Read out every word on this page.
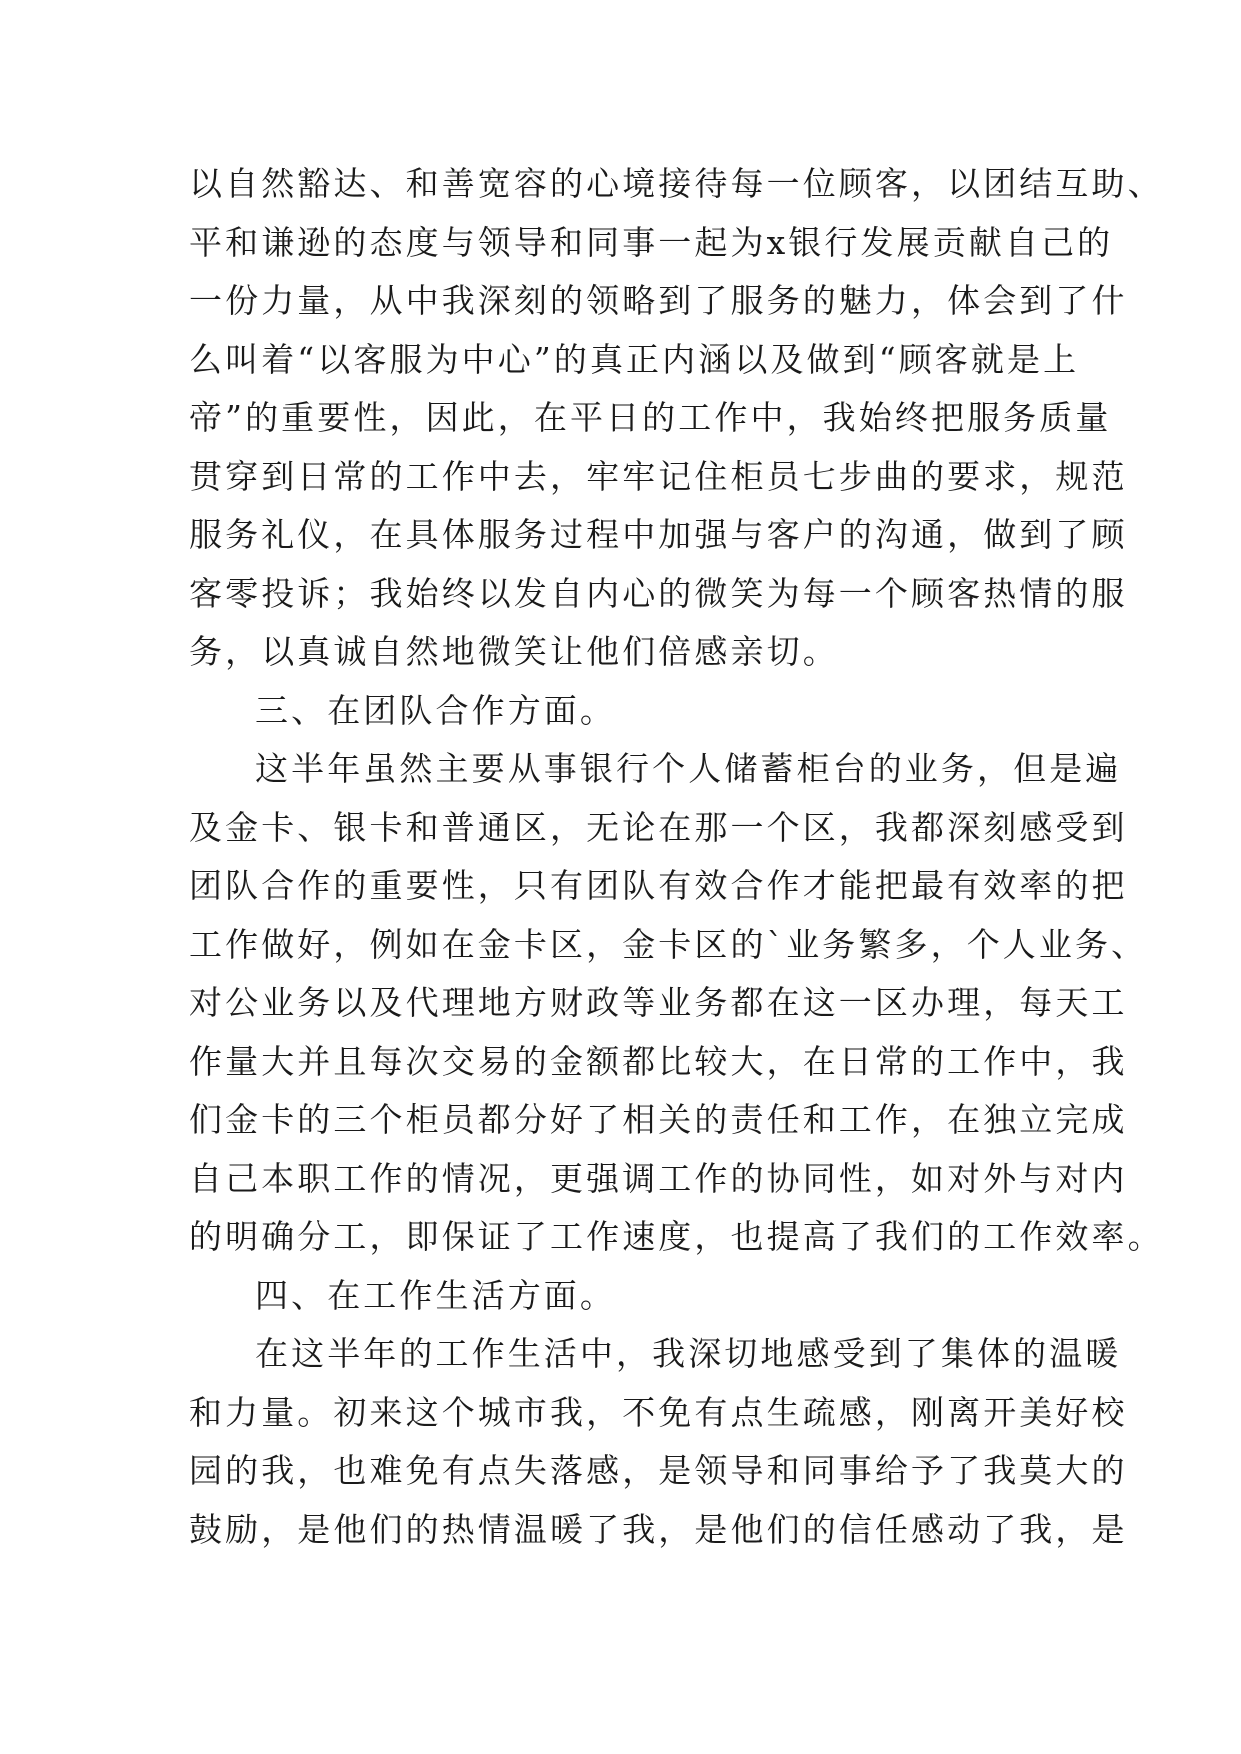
以自然豁达、和善宽容的心境接待每一位顾客，以团结互助、
平和谦逊的态度与领导和同事一起为x银行发展贡献自己的
一份力量，从中我深刻的领略到了服务的魅力，体会到了什
么叫着“以客服为中心”的真正内涵以及做到“顾客就是上
帝”的重要性，因此，在平日的工作中，我始终把服务质量
贯穿到日常的工作中去，牢牢记住柜员七步曲的要求，规范
服务礼仪，在具体服务过程中加强与客户的沟通，做到了顾
客零投诉；我始终以发自内心的微笑为每一个顾客热情的服
务，以真诚自然地微笑让他们倍感亲切。
三、在团队合作方面。
这半年虽然主要从事银行个人储蓄柜台的业务，但是遍
及金卡、银卡和普通区，无论在那一个区，我都深刻感受到
团队合作的重要性，只有团队有效合作才能把最有效率的把
工作做好，例如在金卡区，金卡区的`业务繁多，个人业务、
对公业务以及代理地方财政等业务都在这一区办理，每天工
作量大并且每次交易的金额都比较大，在日常的工作中，我
们金卡的三个柜员都分好了相关的责任和工作，在独立完成
自己本职工作的情况，更强调工作的协同性，如对外与对内
的明确分工，即保证了工作速度，也提高了我们的工作效率。
四、在工作生活方面。
在这半年的工作生活中，我深切地感受到了集体的温暖
和力量。初来这个城市我，不免有点生疏感，刚离开美好校
园的我，也难免有点失落感，是领导和同事给予了我莫大的
鼓励，是他们的热情温暖了我，是他们的信任感动了我，是
